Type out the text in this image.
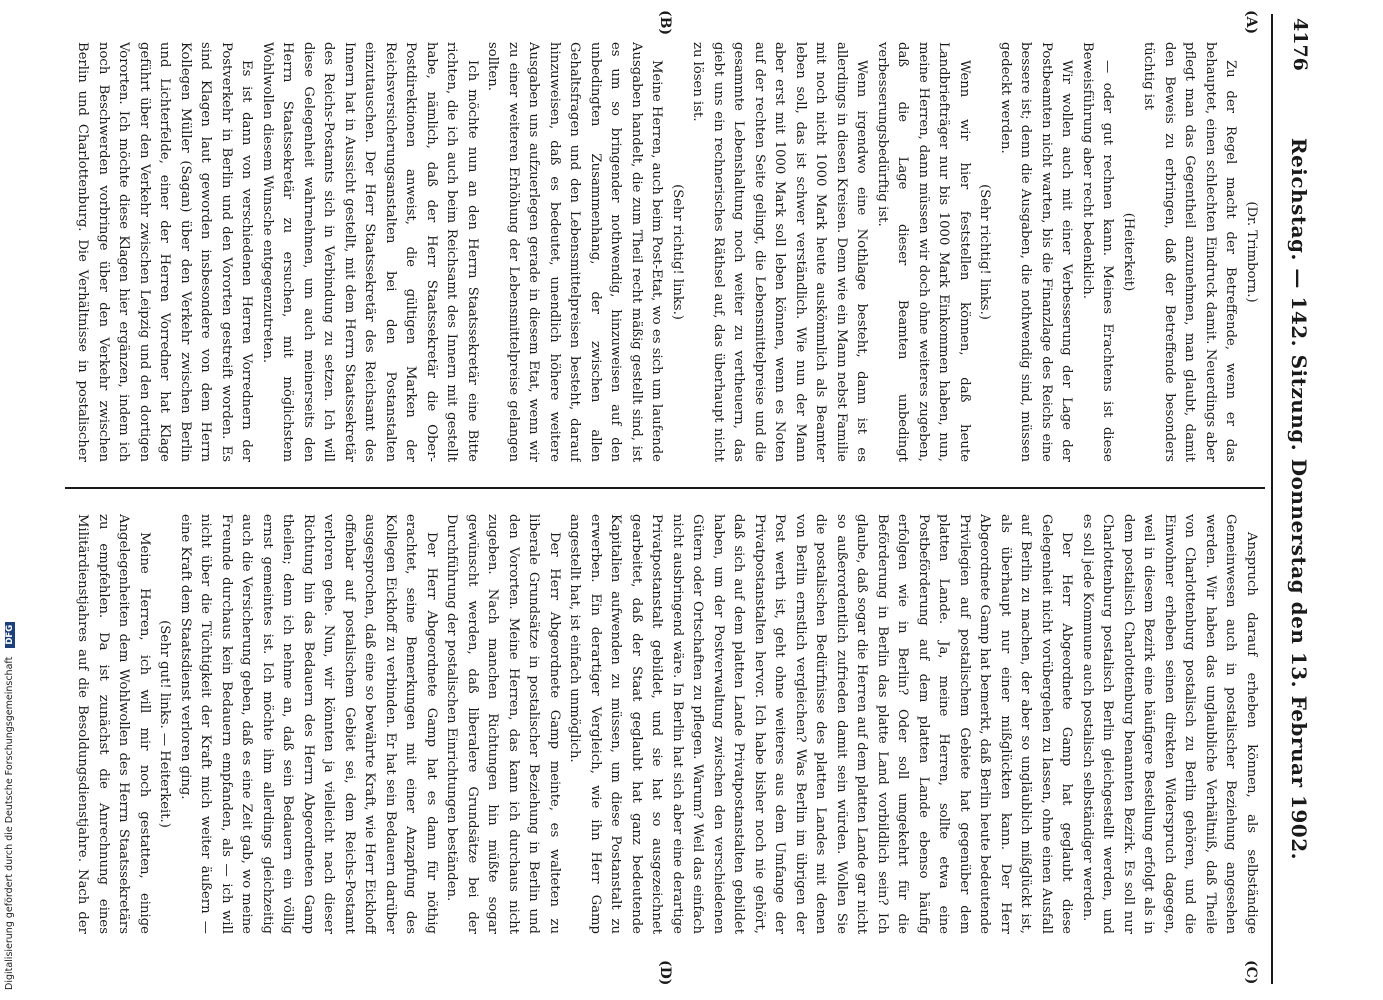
4176
Reichstag. — 142. Sitzung. Donnerstag den 13. Februar 1902.
(A)
(B)
(C)
(D)

(Dr. Trimborn.)

Zu der Regel macht der Betreffende, wenn er das behauptet, einen schlechten Eindruck damit. Neuerdings aber pflegt man das Gegentheil anzunehmen, man glaubt, damit den Beweis zu erbringen, daß der Betreffende besonders tüchtig ist

(Heiterkeit)

— oder gut rechnen kann. Meines Erachtens ist diese Beweisführung aber recht bedenklich.

Wir wollen auch mit einer Verbesserung der Lage der Postbeamten nicht warten, bis die Finanzlage des Reichs eine bessere ist; denn die Ausgaben, die nothwendig sind, müssen gedeckt werden.

(Sehr richtig! links.)

Wenn wir hier feststellen können, daß heute Landbriefträger nur bis 1000 Mark Einkommen haben, nun, meine Herren, dann müssen wir doch ohne weiteres zugeben, daß die Lage dieser Beamten unbedingt verbesserungsbedürftig ist.

Wenn irgendwo eine Nothlage besteht, dann ist es allerdings in diesen Kreisen. Denn wie ein Mann nebst Familie mit noch nicht 1000 Mark heute auskömmlich als Beamter leben soll, das ist schwer verständlich. Wie nun der Mann aber erst mit 1000 Mark soll leben können, wenn es Noten auf der rechten Seite gelingt, die Lebensmittelpreise und die gesammte Lebenshaltung noch weiter zu vertheuern, das giebt uns ein rechnerisches Räthsel auf, das überhaupt nicht zu lösen ist.

(Sehr richtig! links.)

Meine Herren, auch beim Post-Etat, wo es sich um laufende Ausgaben handelt, die zum Theil recht mäßig gestellt sind, ist es um so bringender nothwendig, hinzuweisen auf den unbedingten Zusammenhang, der zwischen allen Gehaltsfragen und den Lebensmittelpreisen besteht, darauf hinzuweisen, daß es bedeutet, unendlich höhere weitere Ausgaben uns aufzuerlegen gerade in diesem Etat, wenn wir zu einer weiteren Erhöhung der Lebensmittelpreise gelangen sollten.

Ich möchte nun an den Herrn Staatssekretär eine Bitte richten, die ich auch beim Reichsamt des Innern mit gestellt habe, nämlich, daß der Herr Staatssekretär die Ober-Postdirektionen anweist, die gültigen Marken der Reichsversicherungsanstalten bei den Postanstalten einzutauschen. Der Herr Staatssekretär des Reichsamt des Innern hat in Aussicht gestellt, mit dem Herrn Staatssekretär des Reichs-Postamts sich in Verbindung zu setzen. Ich will diese Gelegenheit wahrnehmen, um auch meinerseits den Herrn Staatssekretär zu ersuchen, mit möglichstem Wohlwollen diesem Wunsche entgegenzutreten.

Es ist dann von verschiedenen Herren Vorrednern der Postverkehr in Berlin und den Vororten gestreift worden. Es sind Klagen laut geworden insbesondere von dem Herrn Kollegen Müller (Sagan) über den Verkehr zwischen Berlin und Lichterfelde, einer der Herren Vorredner hat Klage geführt über den Verkehr zwischen Leipzig und den dortigen Vororten. Ich möchte diese Klagen hier ergänzen, indem ich noch Beschwerden vorbringe über den Verkehr zwischen Berlin und Charlottenburg. Die Verhältnisse in postalischer

Anspruch darauf erheben können, als selbständige Gemeinwesen auch in postalischer Beziehung angesehen werden. Wir haben das unglaubliche Verhältniß, daß Theile von Charlottenburg postalisch zu Berlin gehören, und die Einwohner erheben seinen direkten Widerspruch dagegen, weil in diesem Bezirk eine häufigere Bestellung erfolgt als in dem postalisch Charlottenburg benannten Bezirk. Es soll nur Charlottenburg postalisch Berlin gleichgestellt werden, und es soll jede Kommune auch postalisch selbständiger werden.

Der Herr Abgeordnete Gamp hat geglaubt diese Gelegenheit nicht vorübergehen zu lassen, ohne einen Ausfall auf Berlin zu machen, der aber so ungläublich mißglückt ist, als überhaupt nur einer mißglückten kann. Der Herr Abgeordnete Gamp hat bemerkt, daß Berlin heute bedeutende Privilegien auf postalischem Gebiete hat gegenüber dem platten Lande. Ja, meine Herren, sollte etwa eine Postbeförderung auf dem platten Lande ebenso häufig erfolgen wie in Berlin? Oder soll umgekehrt für die Beförderung in Berlin das platte Land vorbildlich sein? Ich glaube, daß sogar die Herren auf dem platten Lande gar nicht so außerordentlich zufrieden damit sein würden. Wollen Sie die postalischen Bedürfnisse des platten Landes mit denen von Berlin ernstlich vergleichen? Was Berlin im übrigen der Post werth ist, geht ohne weiteres aus dem Umfange der Privatpostanstalten hervor. Ich habe bisher noch nie gehört, daß sich auf dem platten Lande Privatpostanstalten gebildet haben, um der Postverwaltung zwischen den verschiedenen Gütern oder Ortschaften zu pflegen. Warum? Weil das einfach nicht ausbringend wäre. In Berlin hat sich aber eine derartige Privatpostanstalt gebildet, und sie hat so ausgezeichnet gearbeitet, daß der Staat geglaubt hat ganz bedeutende Kapitalien aufwenden zu müssen, um diese Postanstalt zu erwerben. Ein derartiger Vergleich, wie ihn Herr Gamp angestellt hat, ist einfach unmöglich.

Der Herr Abgeordnete Gamp meinte, es walteten zu liberale Grundsätze in postalischer Beziehung in Berlin und den Vororten. Meine Herren, das kann ich durchaus nicht zugeben. Nach manchen Richtungen hin müßte sogar gewünscht werden, daß liberalere Grundsätze bei der Durchführung der postalischen Einrichtungen beständen.

Der Herr Abgeordnete Gamp hat es dann für nöthig erachtet, seine Bemerkungen mit einer Anzapfung des Kollegen Eickhoff zu verbinden. Er hat sein Bedauern darüber ausgesprochen, daß eine so bewährte Kraft, wie Herr Eickhoff offenbar auf postalischem Gebiet sei, dem Reichs-Postamt verloren gehe. Nun, wir könnten ja vielleicht nach dieser Richtung hin das Bedauern des Herrn Abgeordneten Gamp theilen; denn ich nehme an, daß sein Bedauern ein völlig ernst gemeintes ist. Ich möchte ihm allerdings gleichzeitig auch die Versicherung geben, daß es eine Zeit gab, wo meine Freunde durchaus kein Bedauern empfanden, als — ich will nicht über die Tüchtigkeit der Kraft mich weiter äußern — eine Kraft dem Staatsdienst verloren ging.

(Sehr gut! links. — Heiterkeit.)

Meine Herren, ich will mir noch gestatten, einige Angelegenheiten dem Wohlwollen des Herrn Staatssekretärs zu empfehlen. Da ist zunächst die Anrechnung eines Militärdienstjahres auf die Besoldungsdienstjahre. Nach der

Digitalisierung gefördert durch die Deutsche Forschungsgemeinschaft DFG
